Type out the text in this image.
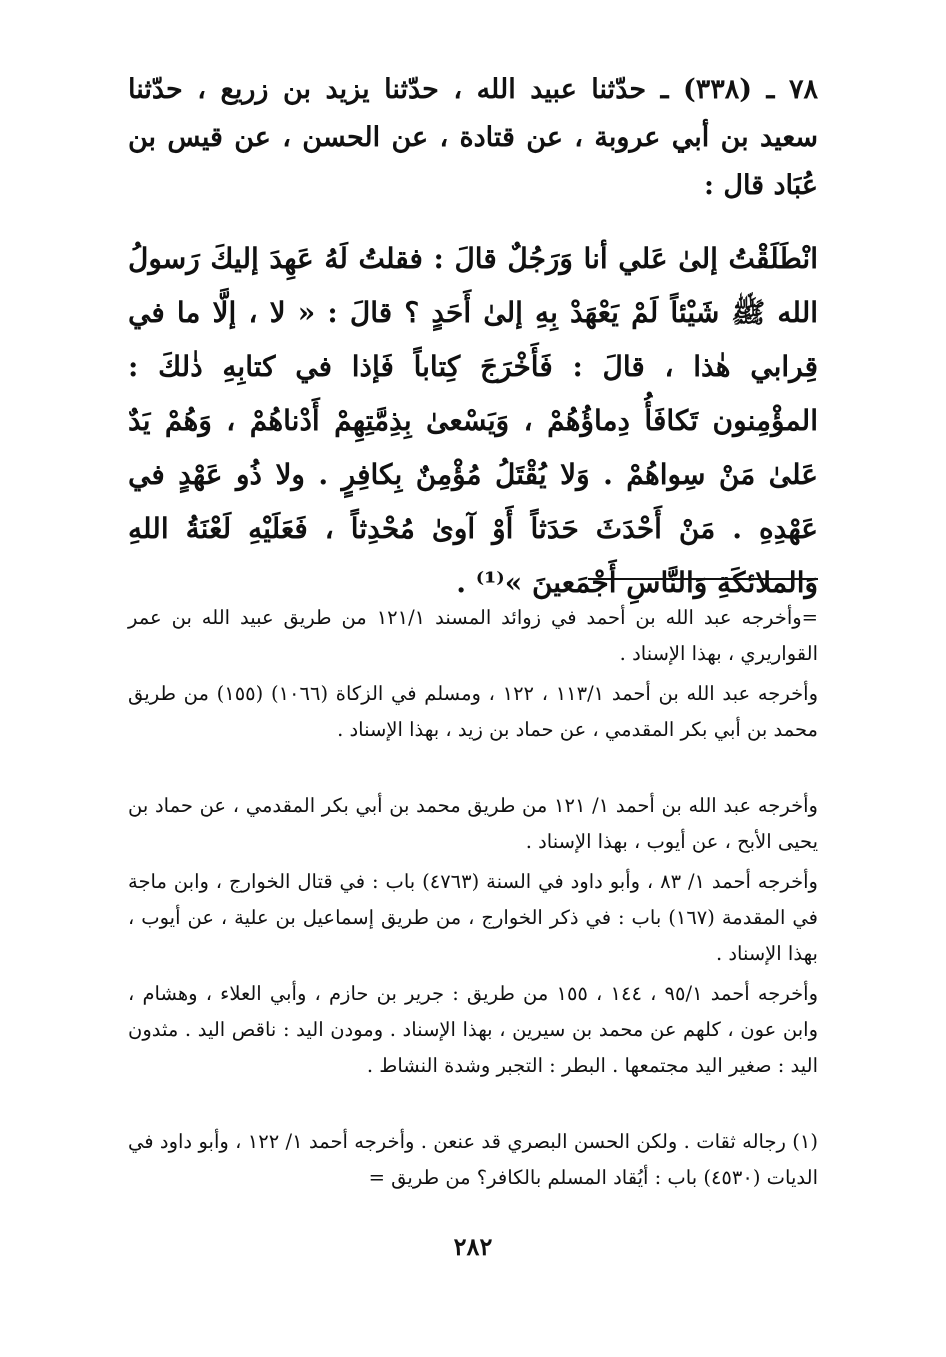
٧٨ ـ (٣٣٨) ـ حدّثنا عبيد الله ، حدّثنا يزيد بن زريع ، حدّثنا سعيد بن أبي عروبة ، عن قتادة ، عن الحسن ، عن قيس بن عُبَاد قال :

انْطَلَقْتُ إلىٰ عَلي أنا وَرَجُلٌ قالَ : فقلتُ لَهُ عَهِدَ إليكَ رَسولُ الله ﷺ شَيْئاً لَمْ يَعْهَدْ بِهِ إلىٰ أَحَدٍ ؟ قالَ : « لا ، إلَّا ما في قِرابي هٰذا ، قالَ : فَأَخْرَجَ كِتاباً فَإذا في كتابِهِ ذٰلكَ : المؤْمِنون تَكافَأُ دِماؤُهُمْ ، وَيَسْعىٰ بِذِمَّتِهِمْ أَدْناهُمْ ، وَهُمْ يَدٌ عَلىٰ مَنْ سِواهُمْ . وَلا يُقْتَلُ مُؤْمِنٌ بِكافِرٍ . ولا ذُو عَهْدٍ في عَهْدِهِ . مَنْ أَحْدَثَ حَدَثاً أَوْ آوىٰ مُحْدِثاً ، فَعَلَيْهِ لَعْنَةُ اللهِ وَالملائكَةِ وَالنَّاسِ أَجْمَعينَ »⁽¹⁾ .

=وأخرجه عبد الله بن أحمد في زوائد المسند ١٢١/١ من طريق عبيد الله بن عمر القواريري ، بهذا الإسناد .

وأخرجه عبد الله بن أحمد ١١٣/١ ، ١٢٢ ، ومسلم في الزكاة (١٠٦٦) (١٥٥) من طريق محمد بن أبي بكر المقدمي ، عن حماد بن زيد ، بهذا الإسناد .

وأخرجه عبد الله بن أحمد ١/ ١٢١ من طريق محمد بن أبي بكر المقدمي ، عن حماد بن يحيى الأبح ، عن أيوب ، بهذا الإسناد .

وأخرجه أحمد ١/ ٨٣ ، وأبو داود في السنة (٤٧٦٣) باب : في قتال الخوارج ، وابن ماجة في المقدمة (١٦٧) باب : في ذكر الخوارج ، من طريق إسماعيل بن علية ، عن أيوب ، بهذا الإسناد .

وأخرجه أحمد ٩٥/١ ، ١٤٤ ، ١٥٥ من طريق : جرير بن حازم ، وأبي العلاء ، وهشام ، وابن عون ، كلهم عن محمد بن سيرين ، بهذا الإسناد . ومودن اليد : ناقص اليد . مثدون اليد : صغير اليد مجتمعها . البطر : التجبر وشدة النشاط .

(١) رجاله ثقات . ولكن الحسن البصري قد عنعن . وأخرجه أحمد ١/ ١٢٢ ، وأبو داود في الديات (٤٥٣٠) باب : أيُقاد المسلم بالكافر؟ من طريق =

٢٨٢
